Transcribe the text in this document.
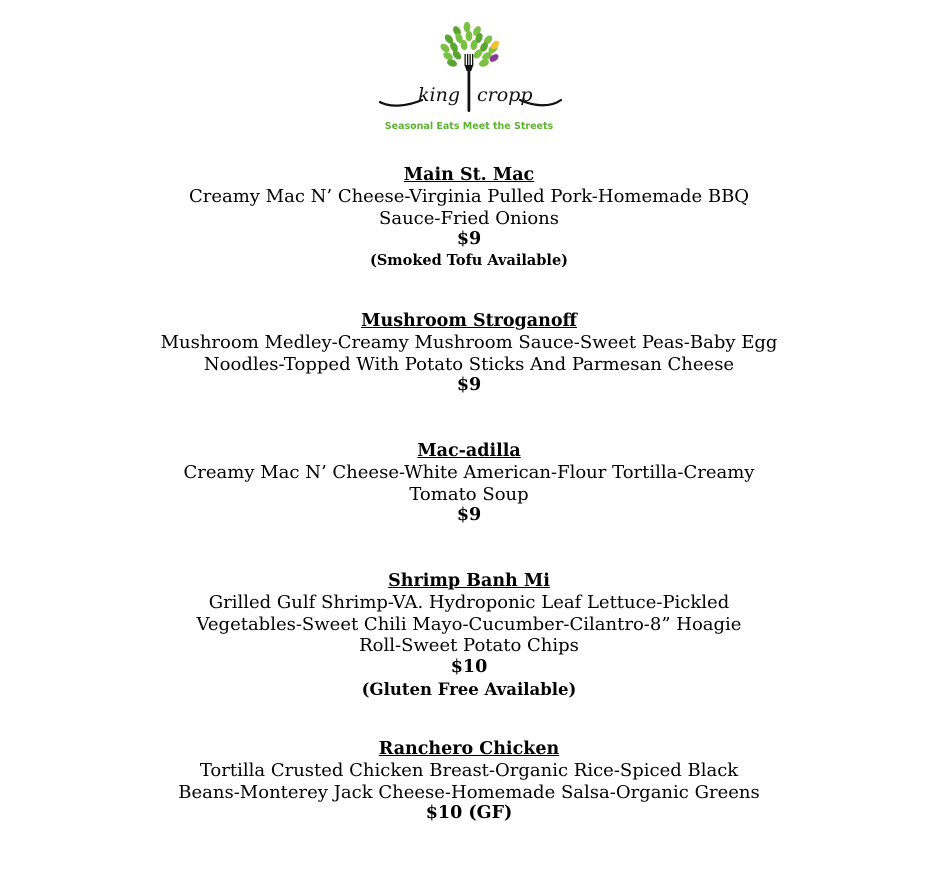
king cropp
Seasonal Eats Meet the Streets
Main St. Mac
Creamy Mac N’ Cheese-Virginia Pulled Pork-Homemade BBQ
Sauce-Fried Onions
$9
(Smoked Tofu Available)
Mushroom Stroganoff
Mushroom Medley-Creamy Mushroom Sauce-Sweet Peas-Baby Egg
Noodles-Topped With Potato Sticks And Parmesan Cheese
$9
Mac-adilla
Creamy Mac N’ Cheese-White American-Flour Tortilla-Creamy
Tomato Soup
$9
Shrimp Banh Mi
Grilled Gulf Shrimp-VA. Hydroponic Leaf Lettuce-Pickled
Vegetables-Sweet Chili Mayo-Cucumber-Cilantro-8” Hoagie
Roll-Sweet Potato Chips
$10
(Gluten Free Available)
Ranchero Chicken
Tortilla Crusted Chicken Breast-Organic Rice-Spiced Black
Beans-Monterey Jack Cheese-Homemade Salsa-Organic Greens
$10 (GF)
